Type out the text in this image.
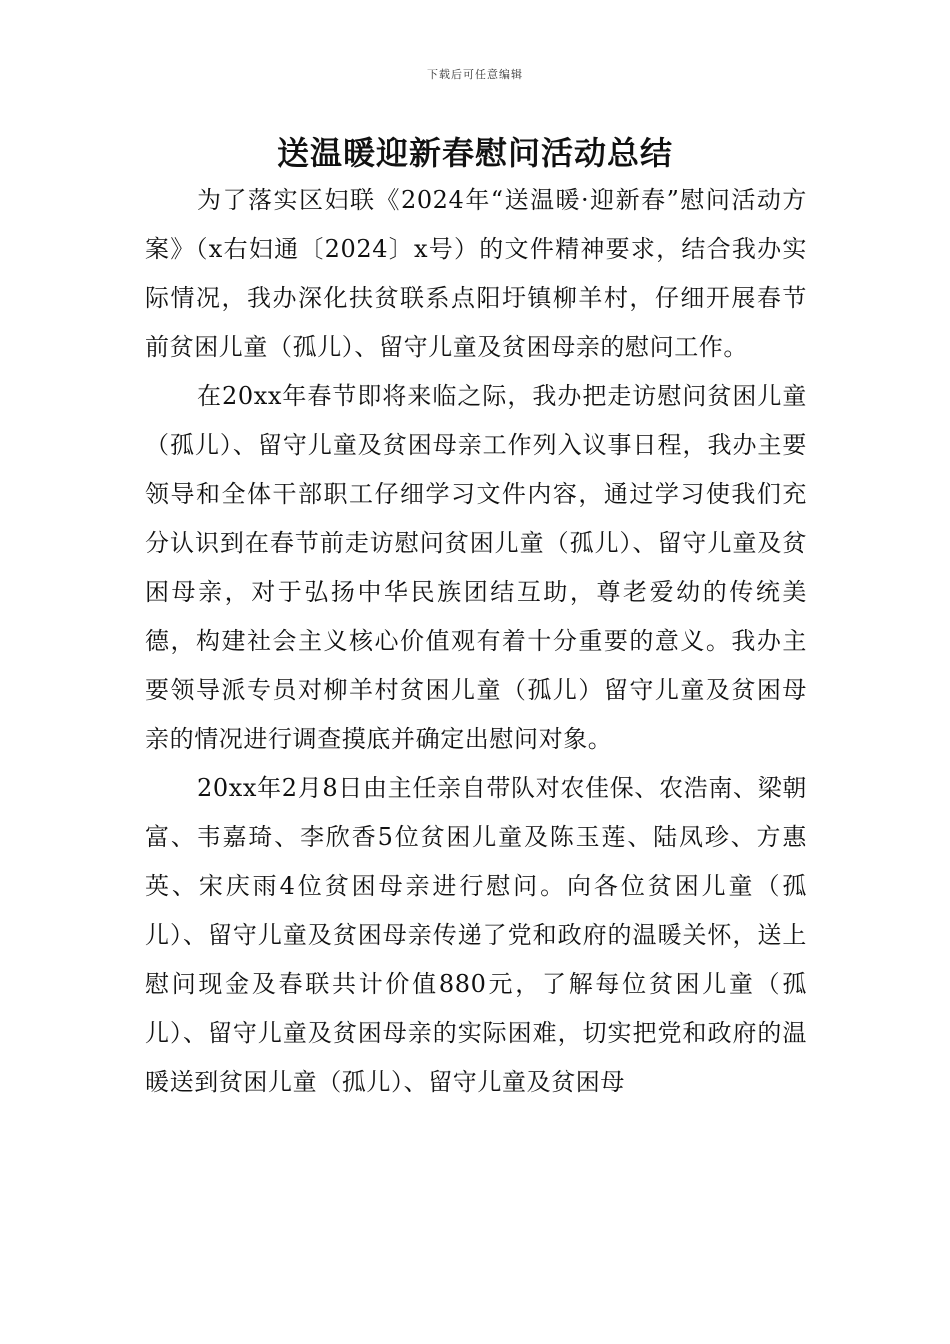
下载后可任意编辑
送温暖迎新春慰问活动总结

为了落实区妇联《2024年“送温暖·迎新春”慰问活动方案》（x右妇通〔2024〕x号）的文件精神要求，结合我办实际情况，我办深化扶贫联系点阳圩镇柳羊村，仔细开展春节前贫困儿童（孤儿）、留守儿童及贫困母亲的慰问工作。

在20xx年春节即将来临之际，我办把走访慰问贫困儿童（孤儿）、留守儿童及贫困母亲工作列入议事日程，我办主要领导和全体干部职工仔细学习文件内容，通过学习使我们充分认识到在春节前走访慰问贫困儿童（孤儿）、留守儿童及贫困母亲，对于弘扬中华民族团结互助，尊老爱幼的传统美德，构建社会主义核心价值观有着十分重要的意义。我办主要领导派专员对柳羊村贫困儿童（孤儿）留守儿童及贫困母亲的情况进行调查摸底并确定出慰问对象。

20xx年2月8日由主任亲自带队对农佳保、农浩南、梁朝富、韦嘉琦、李欣香5位贫困儿童及陈玉莲、陆凤珍、方惠英、宋庆雨4位贫困母亲进行慰问。向各位贫困儿童（孤儿）、留守儿童及贫困母亲传递了党和政府的温暖关怀，送上慰问现金及春联共计价值880元，了解每位贫困儿童（孤儿）、留守儿童及贫困母亲的实际困难，切实把党和政府的温暖送到贫困儿童（孤儿）、留守儿童及贫困母
